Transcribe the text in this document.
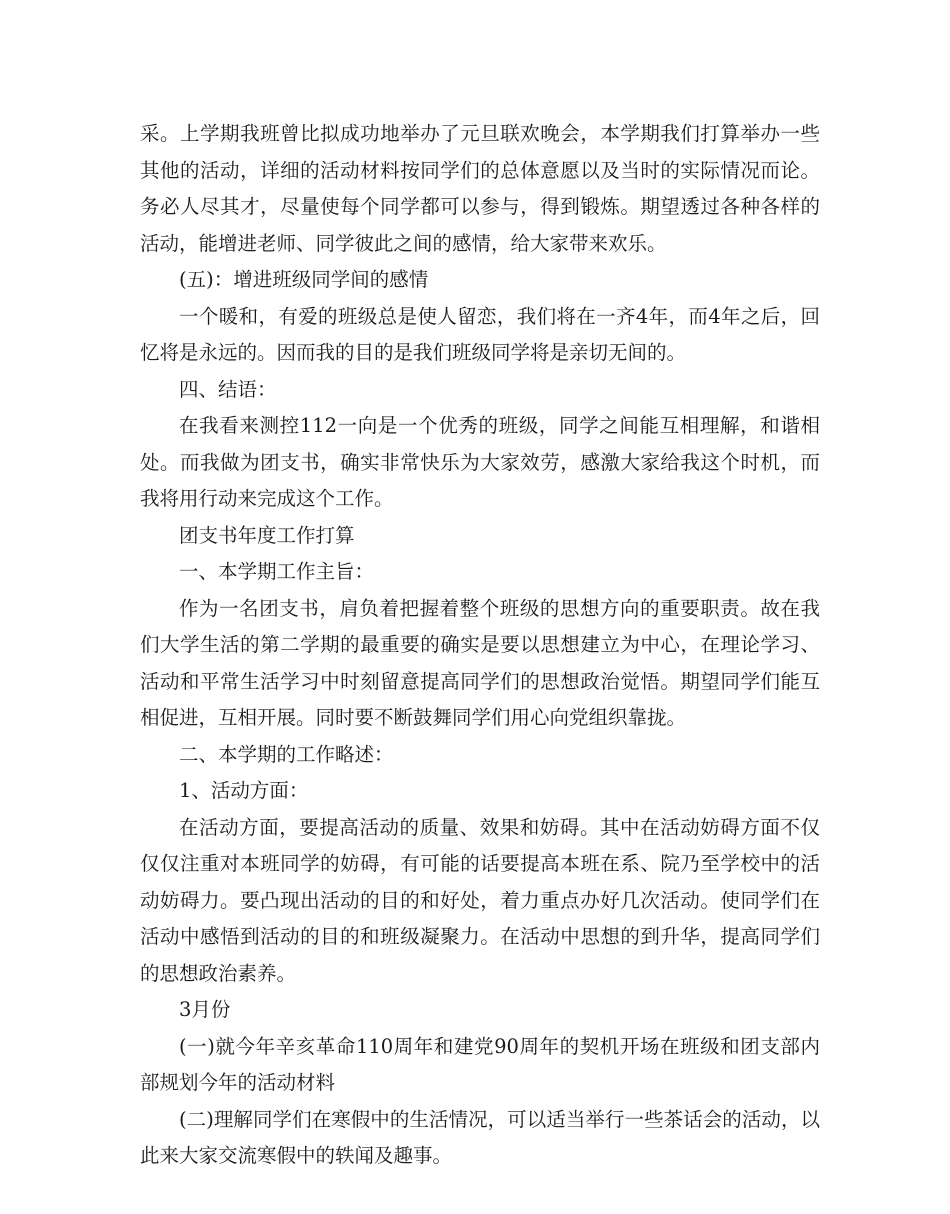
采。上学期我班曾比拟成功地举办了元旦联欢晚会，本学期我们打算举办一些其他的活动，详细的活动材料按同学们的总体意愿以及当时的实际情况而论。务必人尽其才，尽量使每个同学都可以参与，得到锻炼。期望透过各种各样的活动，能增进老师、同学彼此之间的感情，给大家带来欢乐。

(五)：增进班级同学间的感情

一个暖和，有爱的班级总是使人留恋，我们将在一齐4年，而4年之后，回忆将是永远的。因而我的目的是我们班级同学将是亲切无间的。

四、结语：

在我看来测控112一向是一个优秀的班级，同学之间能互相理解，和谐相处。而我做为团支书，确实非常快乐为大家效劳，感激大家给我这个时机，而我将用行动来完成这个工作。

团支书年度工作打算

一、本学期工作主旨：

作为一名团支书，肩负着把握着整个班级的思想方向的重要职责。故在我们大学生活的第二学期的最重要的确实是要以思想建立为中心，在理论学习、活动和平常生活学习中时刻留意提高同学们的思想政治觉悟。期望同学们能互相促进，互相开展。同时要不断鼓舞同学们用心向党组织靠拢。

二、本学期的工作略述：

1、活动方面：

在活动方面，要提高活动的质量、效果和妨碍。其中在活动妨碍方面不仅仅仅注重对本班同学的妨碍，有可能的话要提高本班在系、院乃至学校中的活动妨碍力。要凸现出活动的目的和好处，着力重点办好几次活动。使同学们在活动中感悟到活动的目的和班级凝聚力。在活动中思想的到升华，提高同学们的思想政治素养。

3月份

(一)就今年辛亥革命110周年和建党90周年的契机开场在班级和团支部内部规划今年的活动材料

(二)理解同学们在寒假中的生活情况，可以适当举行一些茶话会的活动，以此来大家交流寒假中的轶闻及趣事。
